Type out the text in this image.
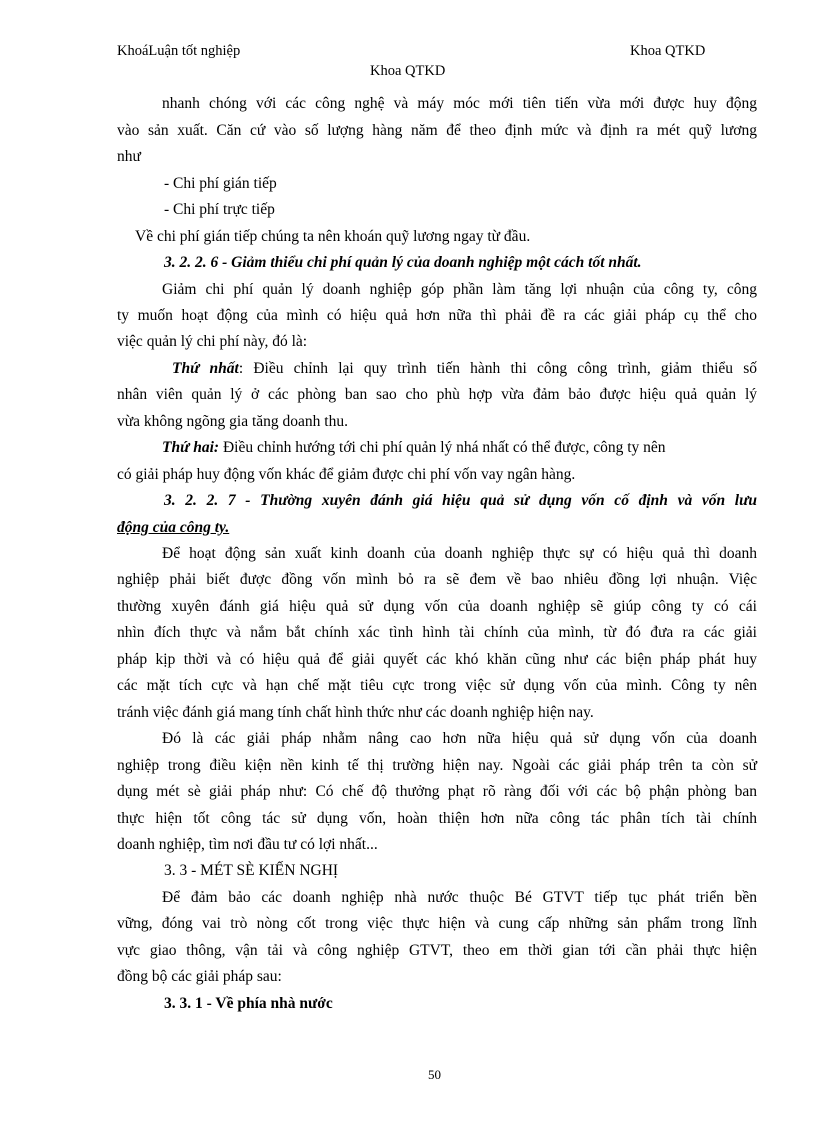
KhoáLuận tốt nghiệp	Khoa QTKD
Khoa QTKD
nhanh chóng với các công nghệ và máy móc mới tiên tiến vừa mới được huy động
vào sản xuất. Căn cứ vào số lượng hàng năm để theo định mức và định ra mét quỹ lương
như
- Chi phí gián tiếp
- Chi phí trực tiếp
Về chi phí gián tiếp chúng ta nên khoán quỹ lương ngay từ đầu.
3. 2. 2. 6 - Giảm thiểu chi phí quản lý của doanh nghiệp một cách tốt nhất.
Giảm chi phí quản lý doanh nghiệp góp phần làm tăng lợi nhuận của công ty, công
ty muốn hoạt động của mình có hiệu quả hơn nữa thì phải đề ra các giải pháp cụ thể cho
việc quản lý chi phí này, đó là:
Thứ nhất: Điều chỉnh lại quy trình tiến hành thi công công trình, giảm thiểu số
nhân viên quản lý ở các phòng ban sao cho phù hợp vừa đảm bảo được hiệu quả quản lý
vừa không ngõng gia tăng doanh thu.
Thứ hai: Điều chỉnh hướng tới chi phí quản lý nhá nhất có thể được, công ty nên
có giải pháp huy động vốn khác để giảm được chi phí vốn vay ngân hàng.
3. 2. 2. 7 - Thường xuyên đánh giá hiệu quả sử dụng vốn cố định và vốn lưu
động của công ty.
Để hoạt động sản xuất kinh doanh của doanh nghiệp thực sự có hiệu quả thì doanh
nghiệp phải biết được đồng vốn mình bỏ ra sẽ đem về bao nhiêu đồng lợi nhuận. Việc
thường xuyên đánh giá hiệu quả sử dụng vốn của doanh nghiệp sẽ giúp công ty có cái
nhìn đích thực và nắm bắt chính xác tình hình tài chính của mình, từ đó đưa ra các giải
pháp kịp thời và có hiệu quả để giải quyết các khó khăn cũng như các biện pháp phát huy
các mặt tích cực và hạn chế mặt tiêu cực trong việc sử dụng vốn của mình. Công ty nên
tránh việc đánh giá mang tính chất hình thức như các doanh nghiệp hiện nay.
Đó là các giải pháp nhằm nâng cao hơn nữa hiệu quả sử dụng vốn của doanh
nghiệp trong điều kiện nền kinh tế thị trường hiện nay. Ngoài các giải pháp trên ta còn sử
dụng mét sè giải pháp như: Có chế độ thưởng phạt rõ ràng đối với các bộ phận phòng ban
thực hiện tốt công tác sử dụng vốn, hoàn thiện hơn nữa công tác phân tích tài chính
doanh nghiệp, tìm nơi đầu tư có lợi nhất...
3. 3 - MÉT SÈ KIẾN NGHỊ
Để đảm bảo các doanh nghiệp nhà nước thuộc Bé GTVT tiếp tục phát triển bền
vững, đóng vai trò nòng cốt trong việc thực hiện và cung cấp những sản phẩm trong lĩnh
vực giao thông, vận tải và công nghiệp GTVT, theo em thời gian tới cần phải thực hiện
đồng bộ các giải pháp sau:
3. 3. 1 - Về phía nhà nước
50
